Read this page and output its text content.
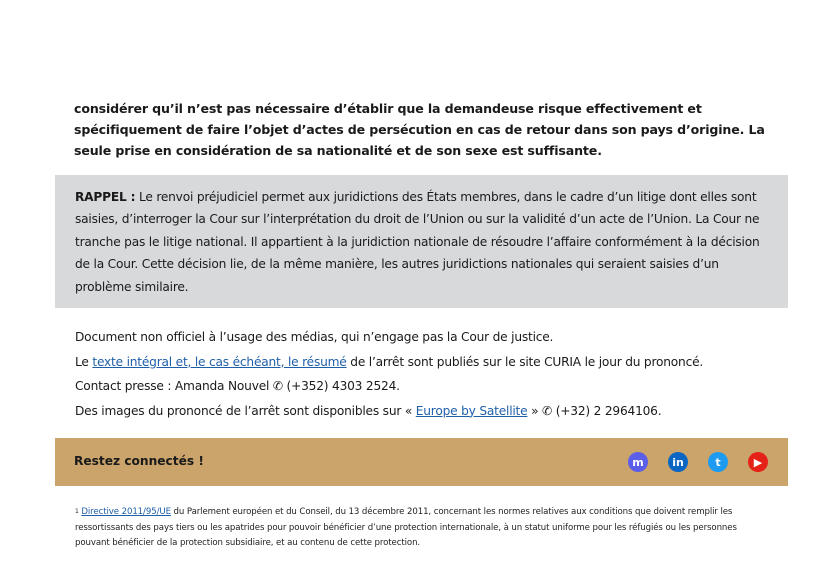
considérer qu’il n’est pas nécessaire d’établir que la demandeuse risque effectivement et spécifiquement de faire l’objet d’actes de persécution en cas de retour dans son pays d’origine. La seule prise en considération de sa nationalité et de son sexe est suffisante.
RAPPEL : Le renvoi préjudiciel permet aux juridictions des États membres, dans le cadre d’un litige dont elles sont saisies, d’interroger la Cour sur l’interprétation du droit de l’Union ou sur la validité d’un acte de l’Union. La Cour ne tranche pas le litige national. Il appartient à la juridiction nationale de résoudre l’affaire conformément à la décision de la Cour. Cette décision lie, de la même manière, les autres juridictions nationales qui seraient saisies d’un problème similaire.
Document non officiel à l’usage des médias, qui n’engage pas la Cour de justice.
Le texte intégral et, le cas échéant, le résumé de l’arrêt sont publiés sur le site CURIA le jour du prononcé.
Contact presse : Amanda Nouvel ✆ (+352) 4303 2524.
Des images du prononcé de l’arrêt sont disponibles sur « Europe by Satellite » ✆ (+32) 2 2964106.
Restez connectés !	m	in	t	▶
$^1$ Directive 2011/95/UE du Parlement européen et du Conseil, du 13 décembre 2011, concernant les normes relatives aux conditions que doivent remplir les ressortissants des pays tiers ou les apatrides pour pouvoir bénéficier d’une protection internationale, à un statut uniforme pour les réfugiés ou les personnes pouvant bénéficier de la protection subsidiaire, et au contenu de cette protection.
